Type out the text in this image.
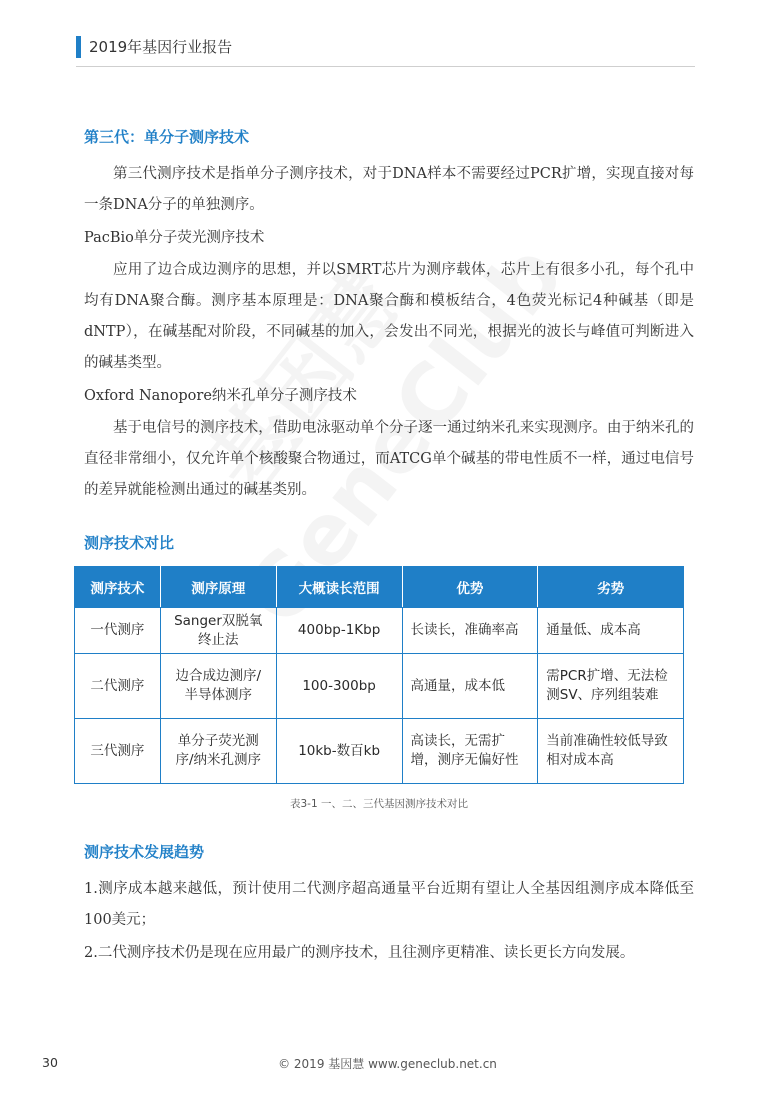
2019年基因行业报告
第三代：单分子测序技术

第三代测序技术是指单分子测序技术，对于DNA样本不需要经过PCR扩增，实现直接对每一条DNA分子的单独测序。

PacBio单分子荧光测序技术

应用了边合成边测序的思想，并以SMRT芯片为测序载体，芯片上有很多小孔，每个孔中均有DNA聚合酶。测序基本原理是：DNA聚合酶和模板结合，4色荧光标记4种碱基（即是dNTP），在碱基配对阶段，不同碱基的加入，会发出不同光，根据光的波长与峰值可判断进入的碱基类型。

Oxford Nanopore纳米孔单分子测序技术

基于电信号的测序技术，借助电泳驱动单个分子逐一通过纳米孔来实现测序。由于纳米孔的直径非常细小，仅允许单个核酸聚合物通过，而ATCG单个碱基的带电性质不一样，通过电信号的差异就能检测出通过的碱基类别。

测序技术对比
测序技术	测序原理	大概读长范围	优势	劣势
一代测序	Sanger双脱氧终止法	400bp-1Kbp	长读长，准确率高	通量低、成本高
二代测序	边合成边测序/半导体测序	100-300bp	高通量，成本低	需PCR扩增、无法检测SV、序列组装难
三代测序	单分子荧光测序/纳米孔测序	10kb-数百kb	高读长，无需扩增，测序无偏好性	当前准确性较低导致相对成本高
表3-1 一、二、三代基因测序技术对比
测序技术发展趋势

1.测序成本越来越低，预计使用二代测序超高通量平台近期有望让人全基因组测序成本降低至100美元；

2.二代测序技术仍是现在应用最广的测序技术，且往测序更精准、读长更长方向发展。

30	© 2019 基因慧 www.geneclub.net.cn
